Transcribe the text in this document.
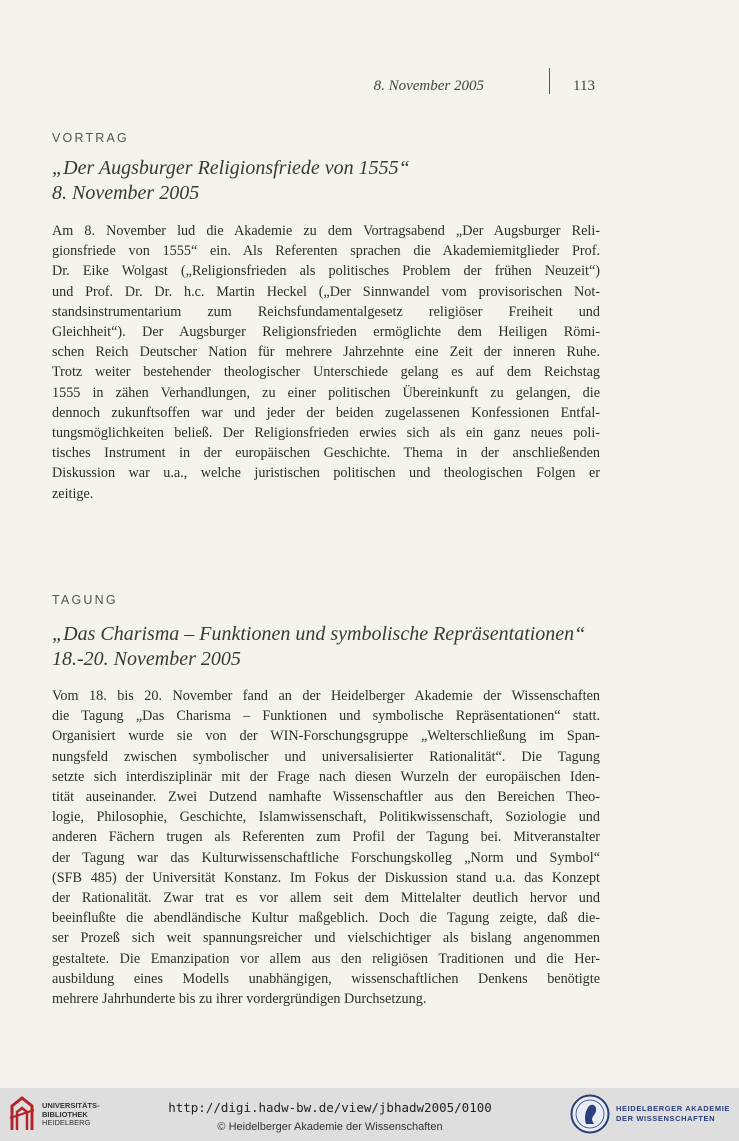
8. November 2005	113
VORTRAG
„Der Augsburger Religionsfriede von 1555“
8. November 2005
Am 8. November lud die Akademie zu dem Vortragsabend „Der Augsburger Reli-
gionsfriede von 1555“ ein. Als Referenten sprachen die Akademiemitglieder Prof.
Dr. Eike Wolgast („Religionsfrieden als politisches Problem der frühen Neuzeit“)
und Prof. Dr. Dr. h.c. Martin Heckel („Der Sinnwandel vom provisorischen Not-
standsinstrumentarium zum Reichsfundamentalgesetz religiöser Freiheit und
Gleichheit“). Der Augsburger Religionsfrieden ermöglichte dem Heiligen Römi-
schen Reich Deutscher Nation für mehrere Jahrzehnte eine Zeit der inneren Ruhe.
Trotz weiter bestehender theologischer Unterschiede gelang es auf dem Reichstag
1555 in zähen Verhandlungen, zu einer politischen Übereinkunft zu gelangen, die
dennoch zukunftsoffen war und jeder der beiden zugelassenen Konfessionen Entfal-
tungsmöglichkeiten beließ. Der Religionsfrieden erwies sich als ein ganz neues poli-
tisches Instrument in der europäischen Geschichte. Thema in der anschließenden
Diskussion war u.a., welche juristischen politischen und theologischen Folgen er
zeitige.
TAGUNG
„Das Charisma – Funktionen und symbolische Repräsentationen“
18.-20. November 2005
Vom 18. bis 20. November fand an der Heidelberger Akademie der Wissenschaften
die Tagung „Das Charisma – Funktionen und symbolische Repräsentationen“ statt.
Organisiert wurde sie von der WIN-Forschungsgruppe „Welterschließung im Span-
nungsfeld zwischen symbolischer und universalisierter Rationalität“. Die Tagung
setzte sich interdisziplinär mit der Frage nach diesen Wurzeln der europäischen Iden-
tität auseinander. Zwei Dutzend namhafte Wissenschaftler aus den Bereichen Theo-
logie, Philosophie, Geschichte, Islamwissenschaft, Politikwissenschaft, Soziologie und
anderen Fächern trugen als Referenten zum Profil der Tagung bei. Mitveranstalter
der Tagung war das Kulturwissenschaftliche Forschungskolleg „Norm und Symbol“
(SFB 485) der Universität Konstanz. Im Fokus der Diskussion stand u.a. das Konzept
der Rationalität. Zwar trat es vor allem seit dem Mittelalter deutlich hervor und
beeinflußte die abendländische Kultur maßgeblich. Doch die Tagung zeigte, daß die-
ser Prozeß sich weit spannungsreicher und vielschichtiger als bislang angenommen
gestaltete. Die Emanzipation vor allem aus den religiösen Traditionen und die Her-
ausbildung eines Modells unabhängigen, wissenschaftlichen Denkens benötigte
mehrere Jahrhunderte bis zu ihrer vordergründigen Durchsetzung.
UNIVERSITÄTS-
BIBLIOTHEK
HEIDELBERG
http://digi.hadw-bw.de/view/jbhadw2005/0100
© Heidelberger Akademie der Wissenschaften
HEIDELBERGER AKADEMIE
DER WISSENSCHAFTEN
